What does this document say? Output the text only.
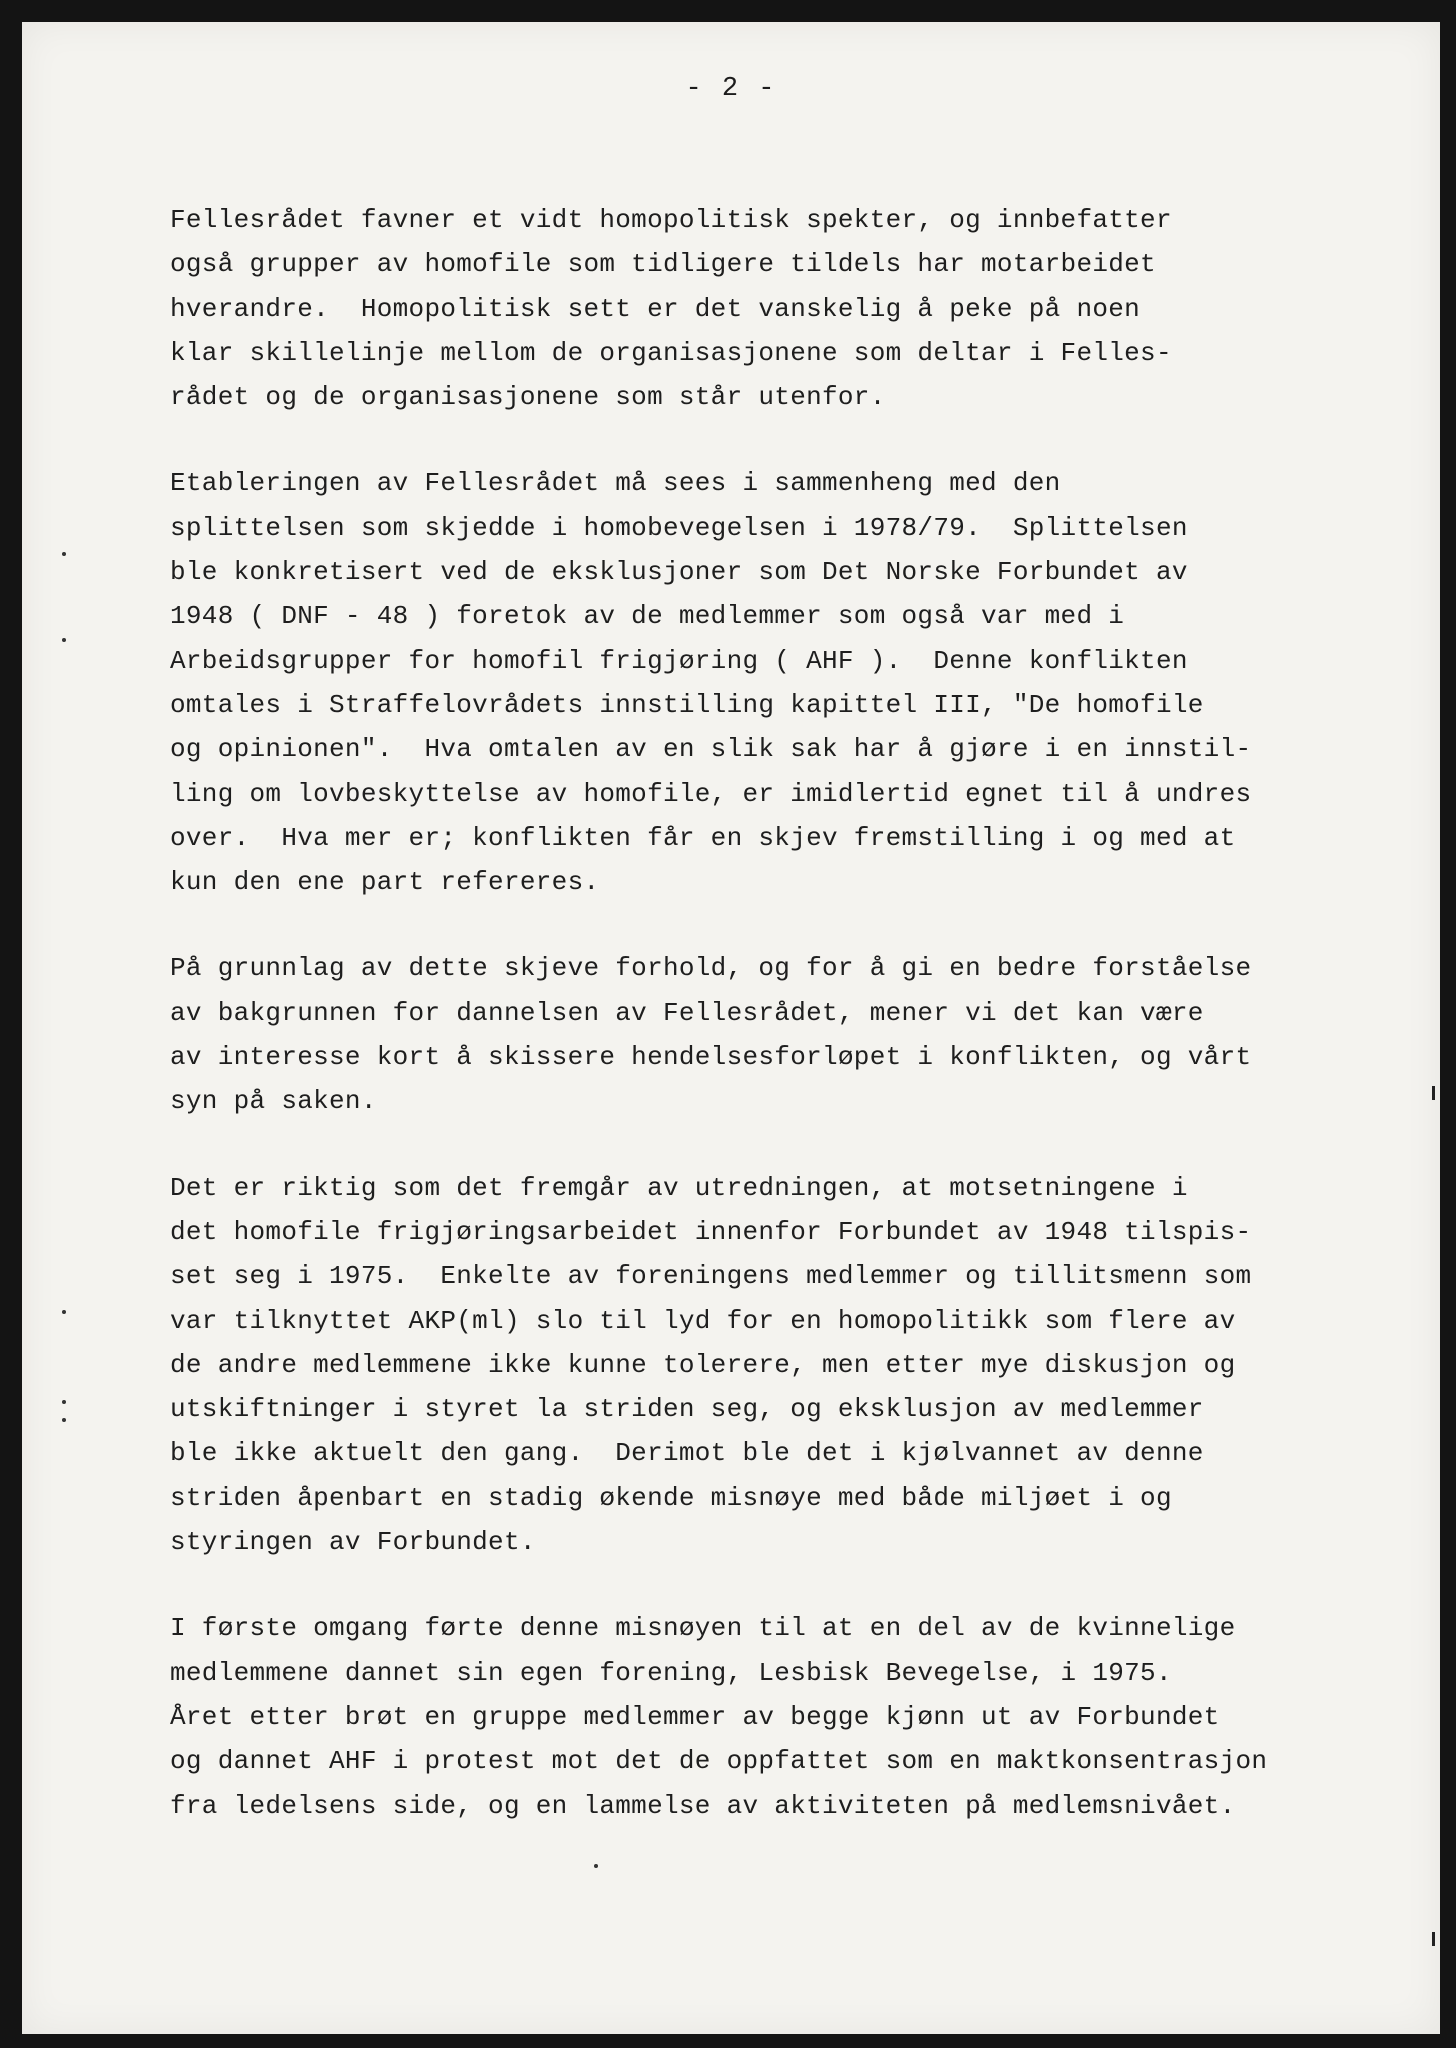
- 2 -
Fellesrådet favner et vidt homopolitisk spekter, og innbefatter
også grupper av homofile som tidligere tildels har motarbeidet
hverandre.  Homopolitisk sett er det vanskelig å peke på noen
klar skillelinje mellom de organisasjonene som deltar i Felles-
rådet og de organisasjonene som står utenfor.
Etableringen av Fellesrådet må sees i sammenheng med den
splittelsen som skjedde i homobevegelsen i 1978/79.  Splittelsen
ble konkretisert ved de eksklusjoner som Det Norske Forbundet av
1948 ( DNF - 48 ) foretok av de medlemmer som også var med i
Arbeidsgrupper for homofil frigjøring ( AHF ).  Denne konflikten
omtales i Straffelovrådets innstilling kapittel III, "De homofile
og opinionen".  Hva omtalen av en slik sak har å gjøre i en innstil-
ling om lovbeskyttelse av homofile, er imidlertid egnet til å undres
over.  Hva mer er; konflikten får en skjev fremstilling i og med at
kun den ene part refereres.
På grunnlag av dette skjeve forhold, og for å gi en bedre forståelse
av bakgrunnen for dannelsen av Fellesrådet, mener vi det kan være
av interesse kort å skissere hendelsesforløpet i konflikten, og vårt
syn på saken.
Det er riktig som det fremgår av utredningen, at motsetningene i
det homofile frigjøringsarbeidet innenfor Forbundet av 1948 tilspis-
set seg i 1975.  Enkelte av foreningens medlemmer og tillitsmenn som
var tilknyttet AKP(ml) slo til lyd for en homopolitikk som flere av
de andre medlemmene ikke kunne tolerere, men etter mye diskusjon og
utskiftninger i styret la striden seg, og eksklusjon av medlemmer
ble ikke aktuelt den gang.  Derimot ble det i kjølvannet av denne
striden åpenbart en stadig økende misnøye med både miljøet i og
styringen av Forbundet.
I første omgang førte denne misnøyen til at en del av de kvinnelige
medlemmene dannet sin egen forening, Lesbisk Bevegelse, i 1975.
Året etter brøt en gruppe medlemmer av begge kjønn ut av Forbundet
og dannet AHF i protest mot det de oppfattet som en maktkonsentrasjon
fra ledelsens side, og en lammelse av aktiviteten på medlemsnivået.
